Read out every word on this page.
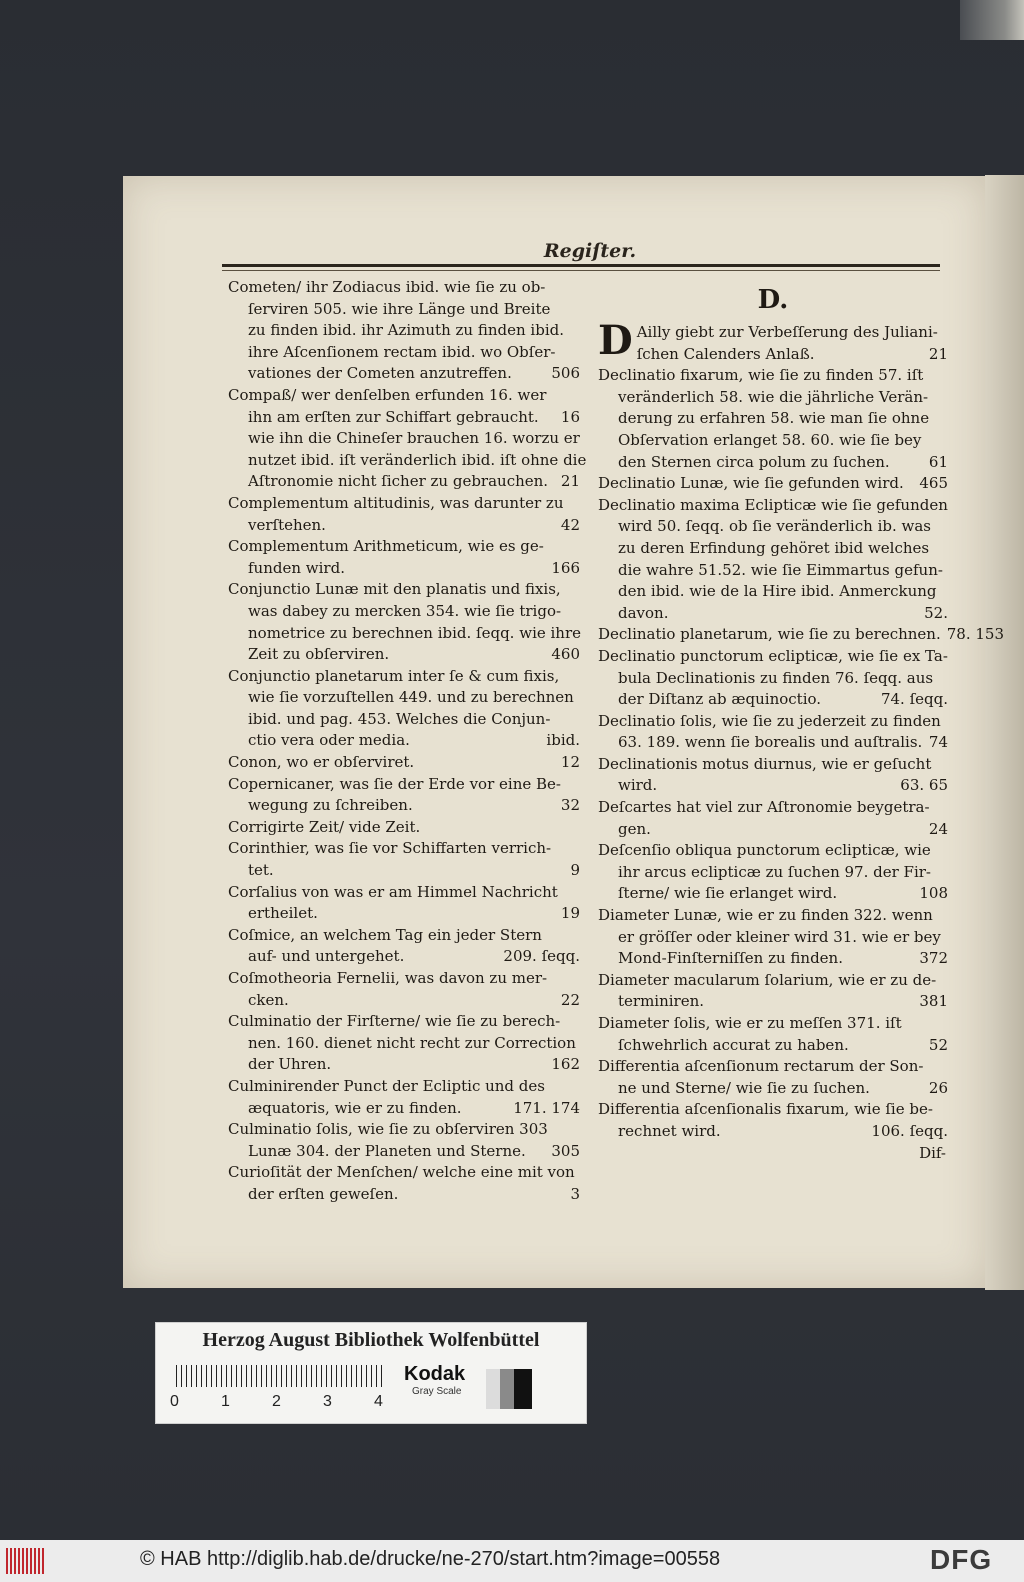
Regiſter.
Cometen/ ihr Zodiacus ibid. wie ſie zu ob-
ſerviren 505. wie ihre Länge und Breite
zu finden ibid. ihr Azimuth zu finden ibid.
ihre Aſcenſionem rectam ibid. wo Obſer-
vationes der Cometen anzutreffen.	506
Compaß/ wer denſelben erfunden 16. wer
ihn am erſten zur Schiffart gebraucht.	16
wie ihn die Chineſer brauchen 16. worzu er
nutzet ibid. iſt veränderlich ibid. iſt ohne die
Aſtronomie nicht ſicher zu gebrauchen. 21
Complementum altitudinis, was darunter zu
verſtehen.	42
Complementum Arithmeticum, wie es ge-
funden wird.	166
Conjunctio Lunæ mit den planatis und fixis,
was dabey zu mercken 354. wie ſie trigo-
nometrice zu berechnen ibid. ſeqq. wie ihre
Zeit zu obſerviren.	460
Conjunctio planetarum inter ſe & cum fixis,
wie ſie vorzuſtellen 449. und zu berechnen
ibid. und pag. 453. Welches die Conjun-
ctio vera oder media.	ibid.
Conon, wo er obſerviret.	12
Copernicaner, was ſie der Erde vor eine Be-
wegung zu ſchreiben.	32
Corrigirte Zeit/ vide Zeit.
Corinthier, was ſie vor Schiffarten verrich-
tet.	9
Corſalius von was er am Himmel Nachricht
ertheilet.	19
Coſmice, an welchem Tag ein jeder Stern
auf- und untergehet.	209. ſeqq.
Coſmotheoria Fernelii, was davon zu mer-
cken.	22
Culminatio der Firſterne/ wie ſie zu berech-
nen. 160. dienet nicht recht zur Correction
der Uhren.	162
Culminirender Punct der Ecliptic und des
æquatoris, wie er zu finden.	171. 174
Culminatio ſolis, wie ſie zu obſerviren 303
Lunæ 304. der Planeten und Sterne.	305
Curioſität der Menſchen/ welche eine mit von
der erſten geweſen.	3
D.
D Ailly giebt zur Verbeſſerung des Juliani-
ſchen Calenders Anlaß.	21
Declinatio fixarum, wie ſie zu finden 57. iſt
veränderlich 58. wie die jährliche Verän-
derung zu erfahren 58. wie man ſie ohne
Obſervation erlanget 58. 60. wie ſie bey
den Sternen circa polum zu ſuchen.	61
Declinatio Lunæ, wie ſie gefunden wird.	465
Declinatio maxima Eclipticæ wie ſie gefunden
wird 50. ſeqq. ob ſie veränderlich ib. was
zu deren Erfindung gehöret ibid welches
die wahre 51.52. wie ſie Eimmartus gefun-
den ibid. wie de la Hire ibid. Anmerckung
davon.	52.
Declinatio planetarum, wie ſie zu berechnen. 78. 153
Declinatio punctorum eclipticæ, wie ſie ex Ta-
bula Declinationis zu finden 76. ſeqq. aus
der Diſtanz ab æquinoctio.	74. ſeqq.
Declinatio ſolis, wie ſie zu jederzeit zu finden
63. 189. wenn ſie borealis und auſtralis. 74
Declinationis motus diurnus, wie er geſucht
wird.	63. 65
Deſcartes hat viel zur Aſtronomie beygetra-
gen.	24
Deſcenſio obliqua punctorum eclipticæ, wie
ihr arcus eclipticæ zu ſuchen 97. der Fir-
ſterne/ wie ſie erlanget wird.	108
Diameter Lunæ, wie er zu finden 322. wenn
er gröſſer oder kleiner wird 31. wie er bey
Mond-Finſterniſſen zu finden.	372
Diameter macularum ſolarium, wie er zu de-
terminiren.	381
Diameter ſolis, wie er zu meſſen 371. iſt
ſchwehrlich accurat zu haben.	52
Differentia aſcenſionum rectarum der Son-
ne und Sterne/ wie ſie zu ſuchen.	26
Differentia aſcenſionalis fixarum, wie ſie be-
rechnet wird.	106. ſeqq.
Dif-
Herzog August Bibliothek Wolfenbüttel
0	1	2	3	4
Kodak
Gray Scale
© HAB http://diglib.hab.de/drucke/ne-270/start.htm?image=00558	DFG
